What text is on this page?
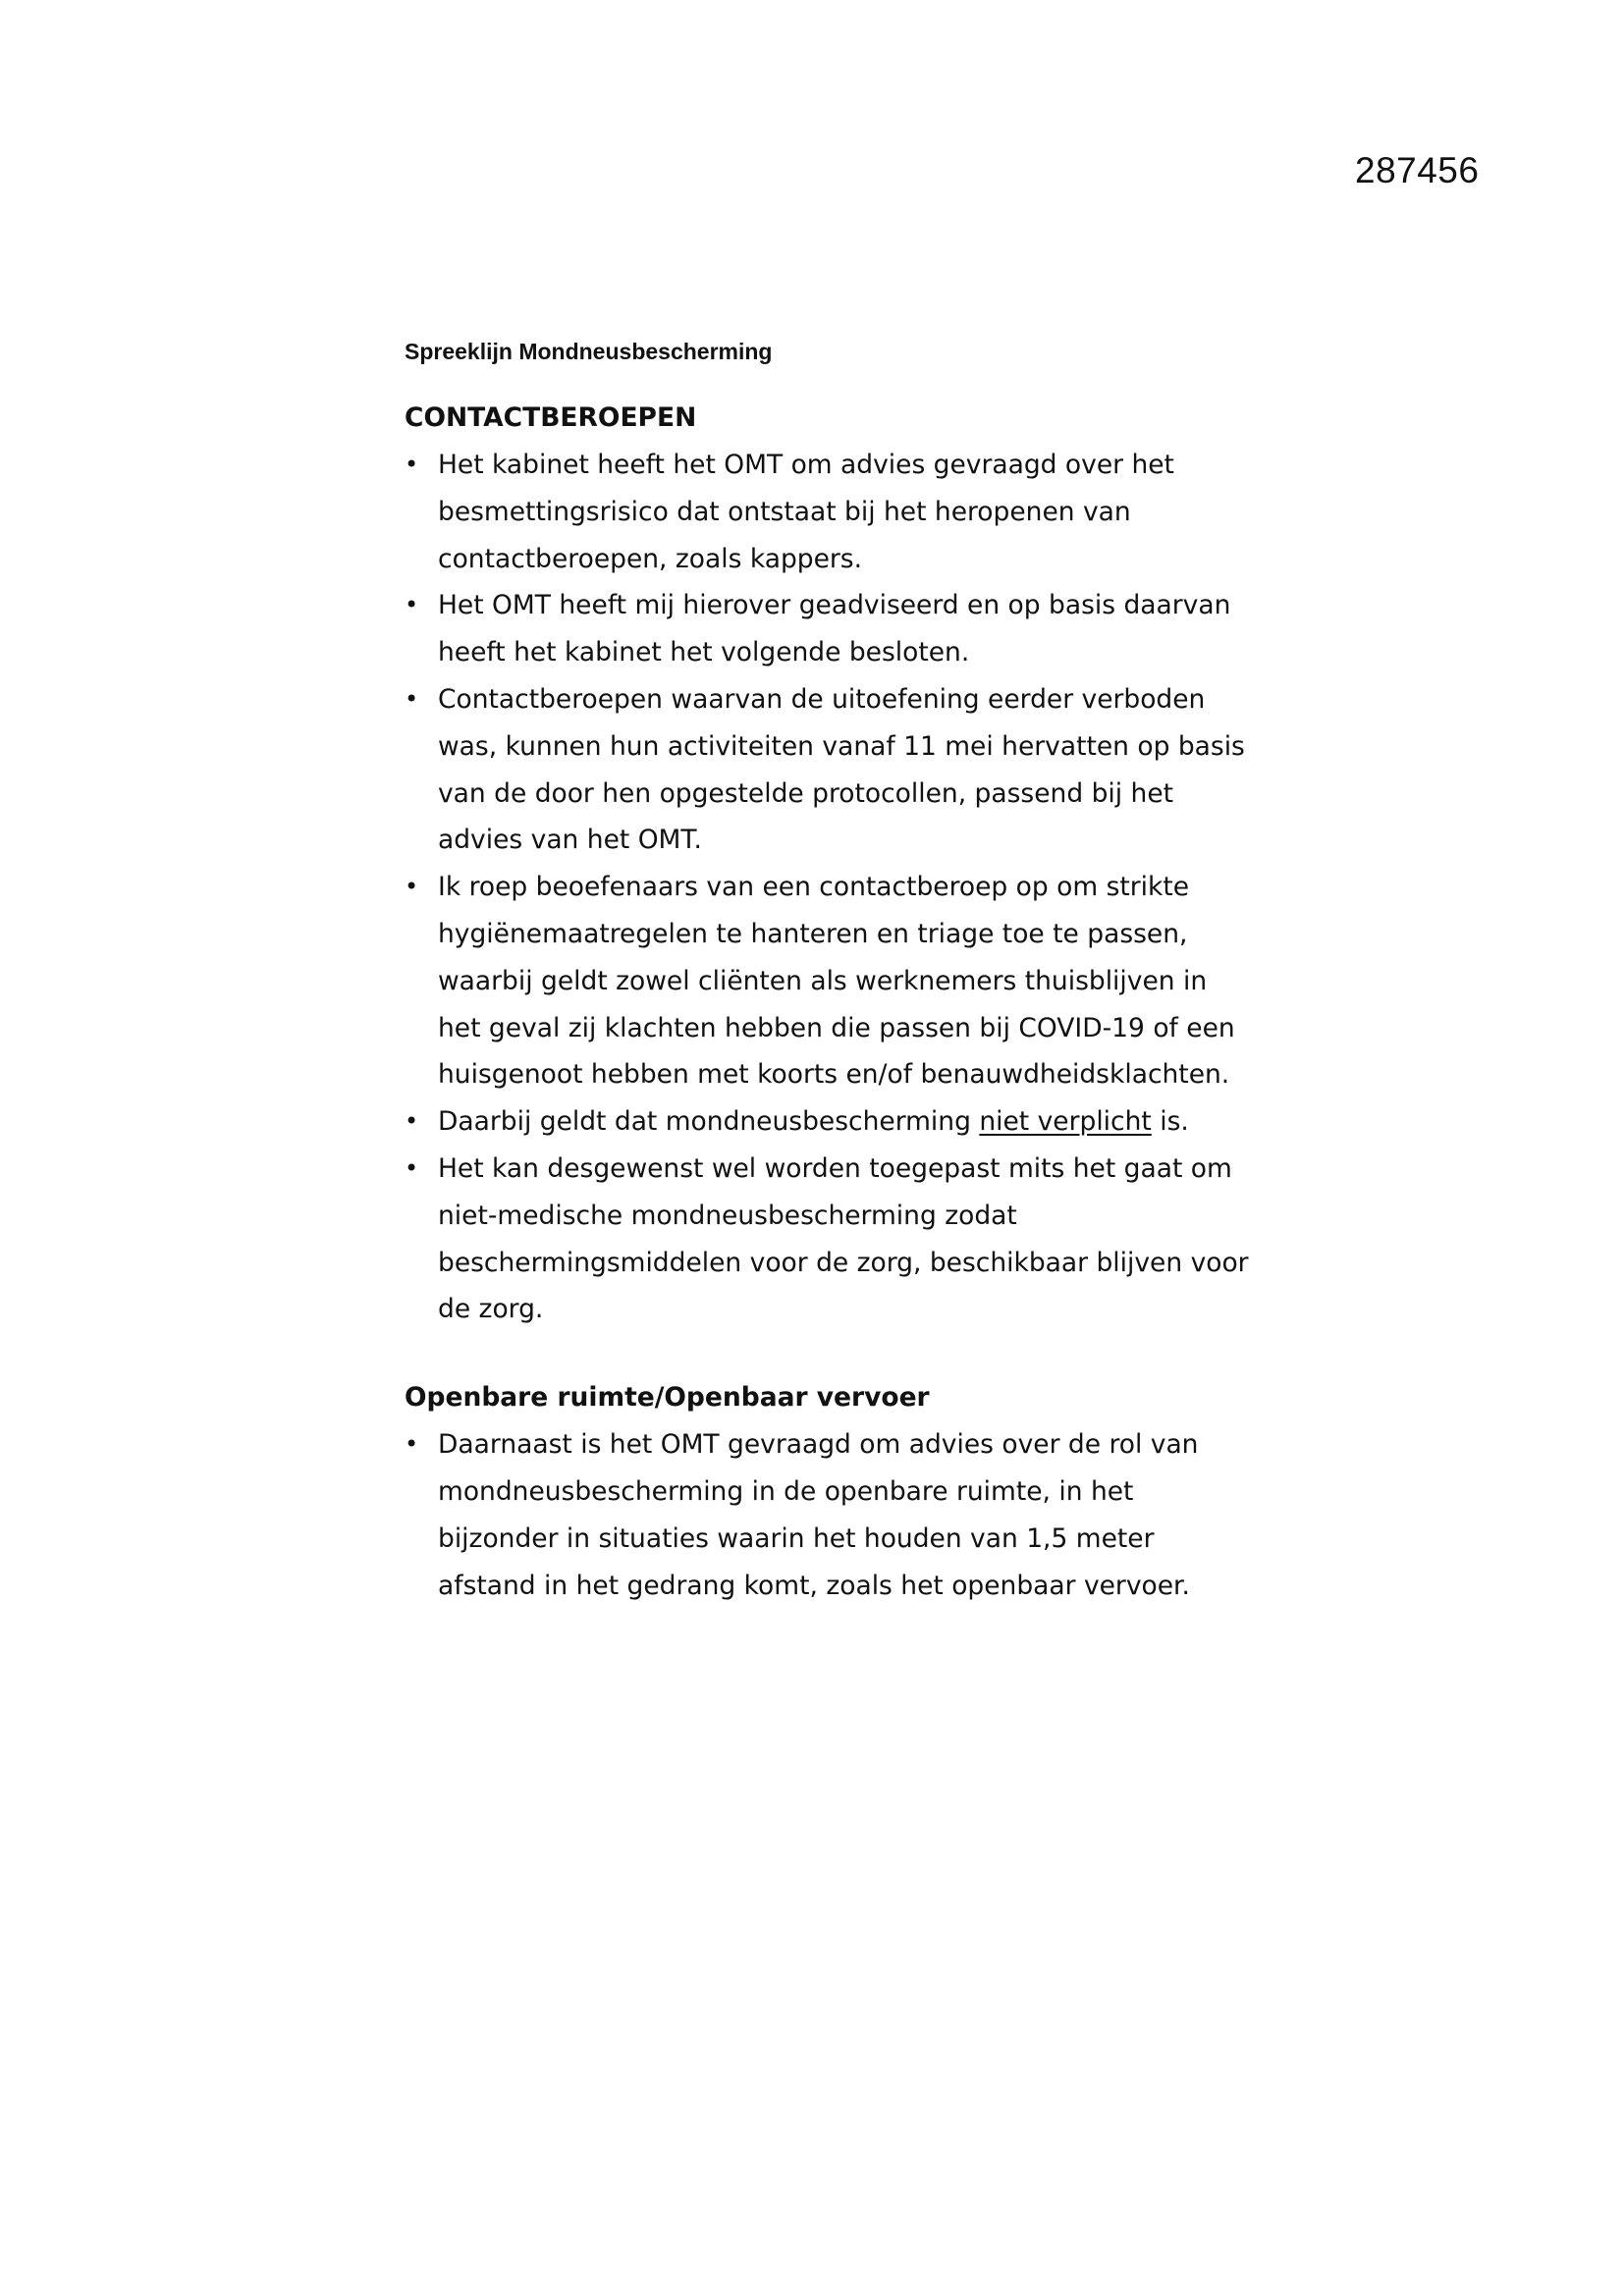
287456
Spreeklijn Mondneusbescherming
CONTACTBEROEPEN
• Het kabinet heeft het OMT om advies gevraagd over het besmettingsrisico dat ontstaat bij het heropenen van contactberoepen, zoals kappers.
• Het OMT heeft mij hierover geadviseerd en op basis daarvan heeft het kabinet het volgende besloten.
• Contactberoepen waarvan de uitoefening eerder verboden was, kunnen hun activiteiten vanaf 11 mei hervatten op basis van de door hen opgestelde protocollen, passend bij het advies van het OMT.
• Ik roep beoefenaars van een contactberoep op om strikte hygiënemaatregelen te hanteren en triage toe te passen, waarbij geldt zowel cliënten als werknemers thuisblijven in het geval zij klachten hebben die passen bij COVID-19 of een huisgenoot hebben met koorts en/of benauwdheidsklachten.
• Daarbij geldt dat mondneusbescherming niet verplicht is.
• Het kan desgewenst wel worden toegepast mits het gaat om niet-medische mondneusbescherming zodat beschermingsmiddelen voor de zorg, beschikbaar blijven voor de zorg.
Openbare ruimte/Openbaar vervoer
• Daarnaast is het OMT gevraagd om advies over de rol van mondneusbescherming in de openbare ruimte, in het bijzonder in situaties waarin het houden van 1,5 meter afstand in het gedrang komt, zoals het openbaar vervoer.
